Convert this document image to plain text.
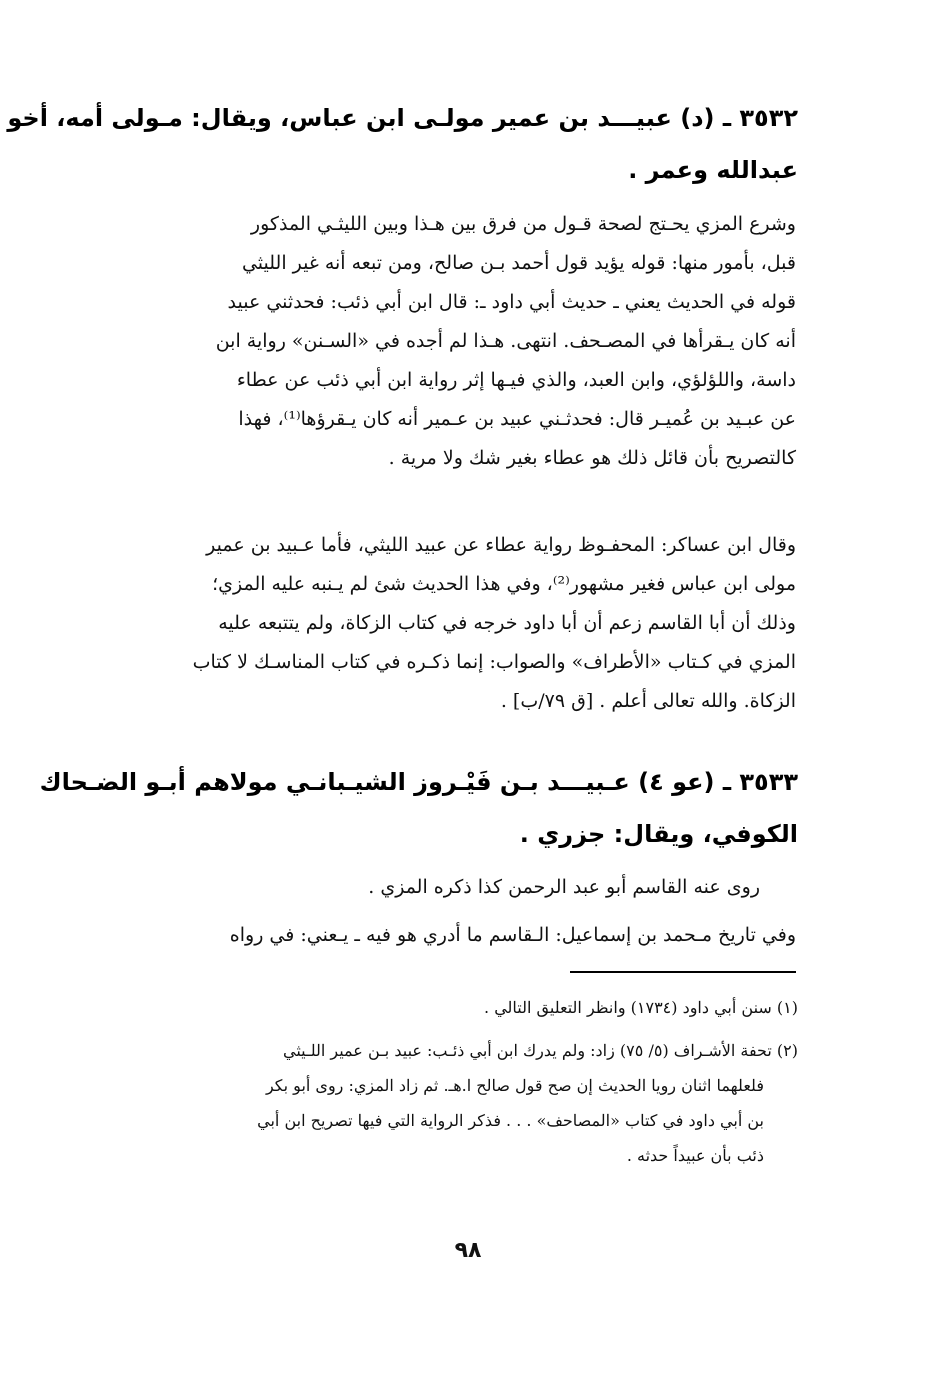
٣٥٣٢ ـ (د) عبيـــد بن عمير مولـى ابن عباس، ويقال: مـولى أمه، أخو
عبدالله وعمر .
وشرع المزي يحـتج لصحة قـول من فرق بين هـذا وبين الليثـي المذكور
قبل، بأمور منها: قوله يؤيد قول أحمد بـن صالح، ومن تبعه أنه غير الليثي
قوله في الحديث يعني ـ حديث أبي داود ـ: قال ابن أبي ذئب: فحدثني عبيد
أنه كان يـقرأها في المصـحف. انتهى. هـذا لم أجده في «السـنن» رواية ابن
داسة، واللؤلؤي، وابن العبد، والذي فيـها إثر رواية ابن أبي ذئب عن عطاء
عن عبـيد بن عُميـر قال: فحدثـني عبيد بن عـمير أنه كان يـقرؤها⁽¹⁾، فهذا
كالتصريح بأن قائل ذلك هو عطاء بغير شك ولا مرية .
وقال ابن عساكر: المحفـوظ رواية عطاء عن عبيد الليثي، فأما عـبيد بن عمير
مولى ابن عباس فغير مشهور⁽²⁾، وفي هذا الحديث شئ لم يـنبه عليه المزي؛
وذلك أن أبا القاسم زعم أن أبا داود خرجه في كتاب الزكاة، ولم يتتبعه عليه
المزي في كـتاب «الأطراف» والصواب: إنما ذكـره في كتاب المناسـك لا كتاب
الزكاة. والله تعالى أعلم . [ق ٧٩/ب] .
٣٥٣٣ ـ (عو ٤) عـبيـــد بـن فَيْـروز الشيـبانـي مولاهم أبـو الضـحاك
الكوفي، ويقال: جزري .
روى عنه القاسم أبو عبد الرحمن كذا ذكره المزي .
وفي تاريخ مـحمد بن إسماعيل: الـقاسم ما أدري هو فيه ـ يـعني: في رواه
(١) سنن أبي داود (١٧٣٤) وانظر التعليق التالي .
(٢) تحفة الأشـراف (٥/ ٧٥) زاد: ولم يدرك ابن أبي ذئـب: عبيد بـن عمير اللـيثي
فلعلهما اثنان رويا الحديث إن صح قول صالح ا.هـ. ثم زاد المزي: روى أبو بكر
بن أبي داود في كتاب «المصاحف» . . . فذكر الرواية التي فيها تصريح ابن أبي
ذئب بأن عبيداً حدثه .
٩٨
